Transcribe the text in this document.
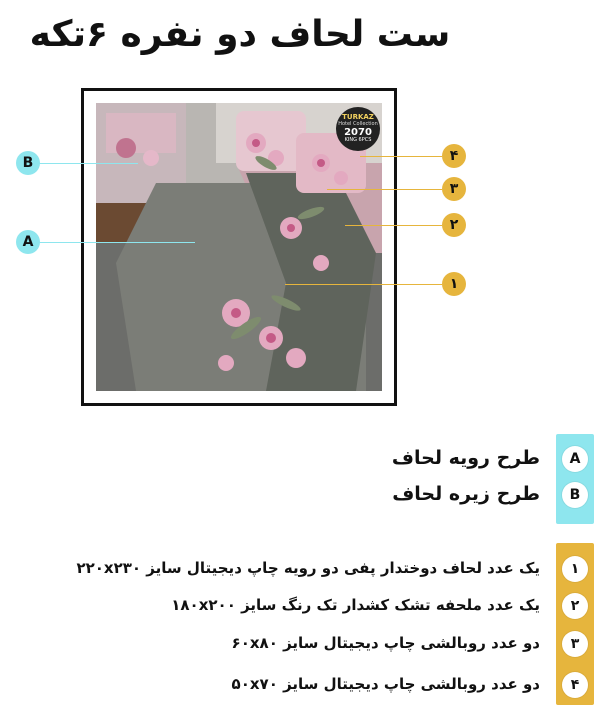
ست لحاف دو نفره ۶تکه
TURKAZ
Hotel Collection
2070
KING 6PCS
B
A
۴
۳
۲
۱
A
طرح رویه لحاف
B
طرح زیره لحاف
۱
یک عدد لحاف دوختدار پفی دو رویه چاپ دیجیتال سایز ۲۲۰x۲۳۰
۲
یک عدد ملحفه تشک کشدار تک رنگ سایز ۱۸۰x۲۰۰
۳
دو عدد روبالشی چاپ دیجیتال سایز ۶۰x۸۰
۴
دو عدد روبالشی چاپ دیجیتال سایز ۵۰x۷۰
